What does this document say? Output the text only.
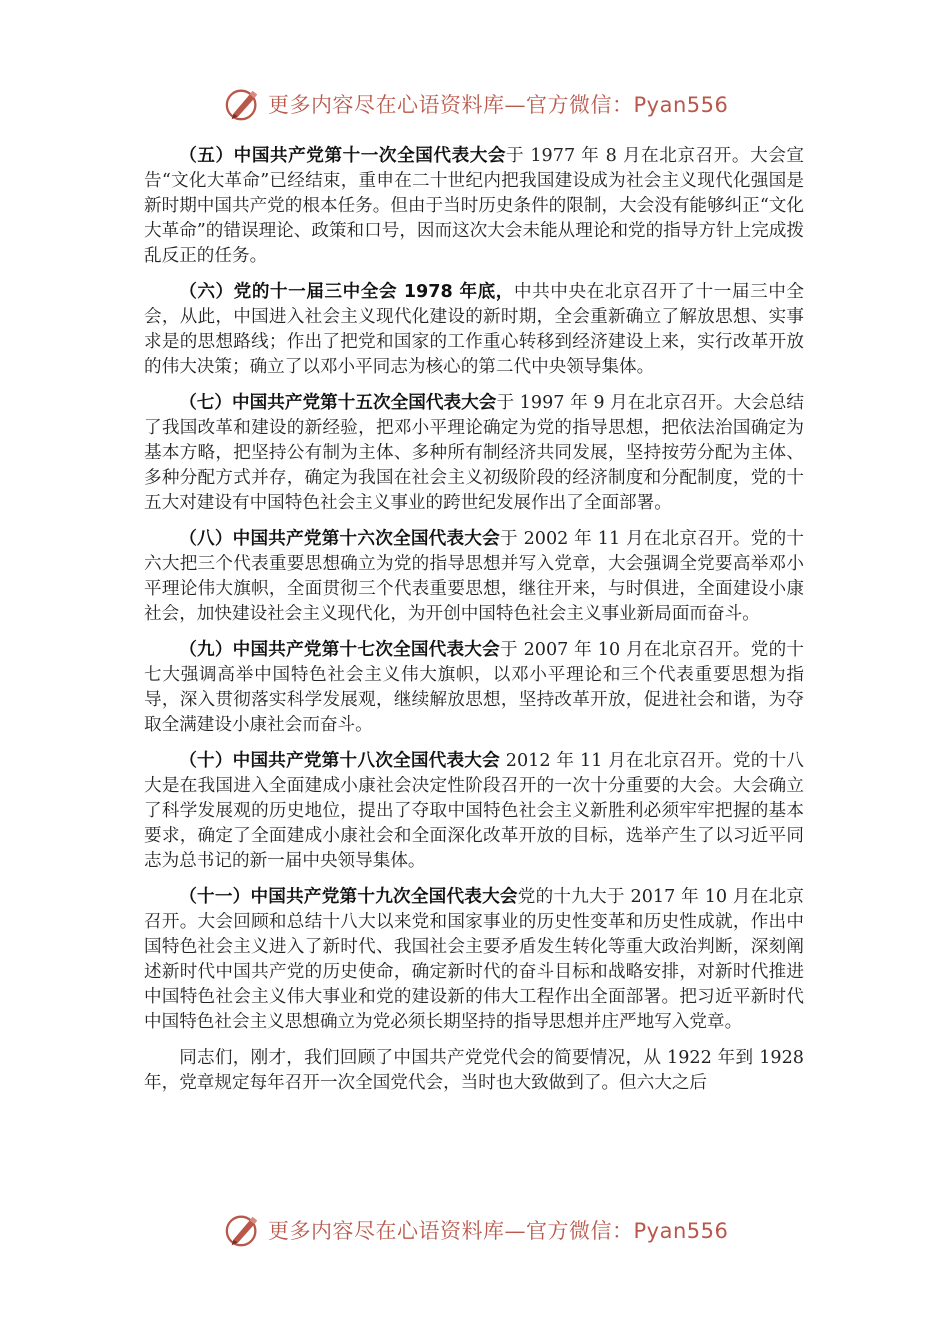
更多内容尽在心语资料库—官方微信：Pyan556

（五）中国共产党第十一次全国代表大会于 1977 年 8 月在北京召开。大会宣告“文化大革命”已经结束，重申在二十世纪内把我国建设成为社会主义现代化强国是新时期中国共产党的根本任务。但由于当时历史条件的限制，大会没有能够纠正“文化大革命”的错误理论、政策和口号，因而这次大会未能从理论和党的指导方针上完成拨乱反正的任务。

（六）党的十一届三中全会 1978 年底，中共中央在北京召开了十一届三中全会，从此，中国进入社会主义现代化建设的新时期，全会重新确立了解放思想、实事求是的思想路线；作出了把党和国家的工作重心转移到经济建设上来，实行改革开放的伟大决策；确立了以邓小平同志为核心的第二代中央领导集体。

（七）中国共产党第十五次全国代表大会于 1997 年 9 月在北京召开。大会总结了我国改革和建设的新经验，把邓小平理论确定为党的指导思想，把依法治国确定为基本方略，把坚持公有制为主体、多种所有制经济共同发展，坚持按劳分配为主体、多种分配方式并存，确定为我国在社会主义初级阶段的经济制度和分配制度，党的十五大对建设有中国特色社会主义事业的跨世纪发展作出了全面部署。

（八）中国共产党第十六次全国代表大会于 2002 年 11 月在北京召开。党的十六大把三个代表重要思想确立为党的指导思想并写入党章，大会强调全党要高举邓小平理论伟大旗帜，全面贯彻三个代表重要思想，继往开来，与时俱进，全面建设小康社会，加快建设社会主义现代化，为开创中国特色社会主义事业新局面而奋斗。

（九）中国共产党第十七次全国代表大会于 2007 年 10 月在北京召开。党的十七大强调高举中国特色社会主义伟大旗帜，以邓小平理论和三个代表重要思想为指导，深入贯彻落实科学发展观，继续解放思想，坚持改革开放，促进社会和谐，为夺取全满建设小康社会而奋斗。

（十）中国共产党第十八次全国代表大会 2012 年 11 月在北京召开。党的十八大是在我国进入全面建成小康社会决定性阶段召开的一次十分重要的大会。大会确立了科学发展观的历史地位，提出了夺取中国特色社会主义新胜利必须牢牢把握的基本要求，确定了全面建成小康社会和全面深化改革开放的目标，选举产生了以习近平同志为总书记的新一届中央领导集体。

（十一）中国共产党第十九次全国代表大会党的十九大于 2017 年 10 月在北京召开。大会回顾和总结十八大以来党和国家事业的历史性变革和历史性成就，作出中国特色社会主义进入了新时代、我国社会主要矛盾发生转化等重大政治判断，深刻阐述新时代中国共产党的历史使命，确定新时代的奋斗目标和战略安排，对新时代推进中国特色社会主义伟大事业和党的建设新的伟大工程作出全面部署。把习近平新时代中国特色社会主义思想确立为党必须长期坚持的指导思想并庄严地写入党章。

同志们，刚才，我们回顾了中国共产党党代会的简要情况，从 1922 年到 1928 年，党章规定每年召开一次全国党代会，当时也大致做到了。但六大之后

更多内容尽在心语资料库—官方微信：Pyan556
